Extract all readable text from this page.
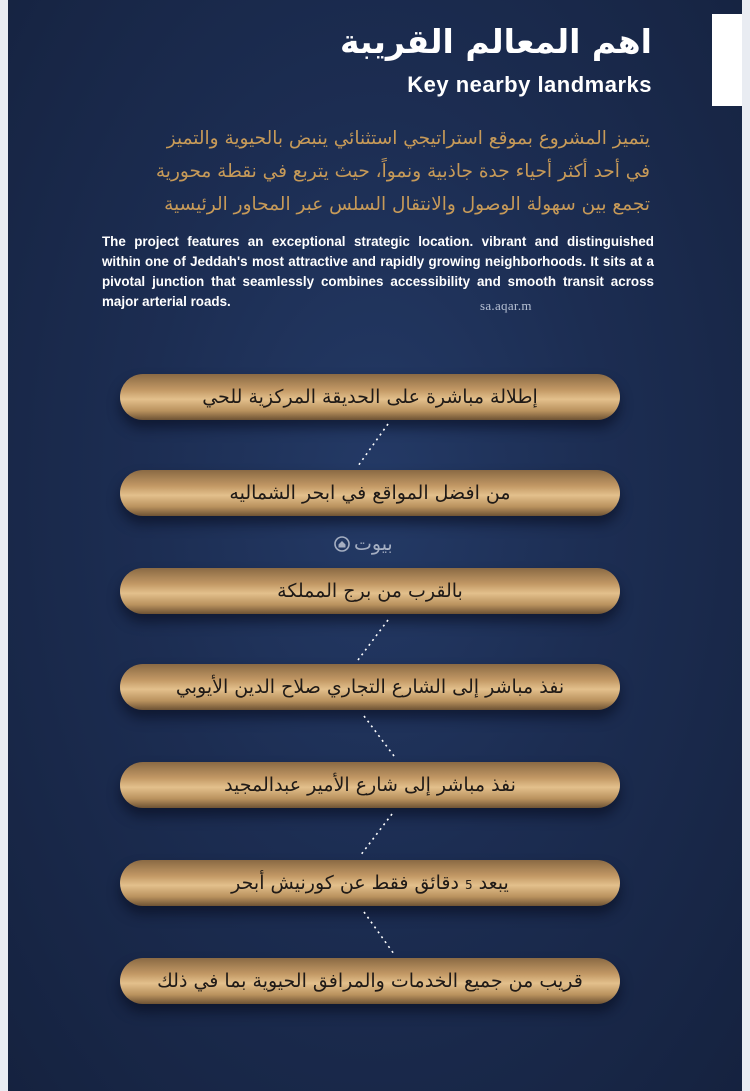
اهم المعالم القريبة
Key nearby landmarks
يتميز المشروع بموقع استراتيجي استثنائي ينبض بالحيوية والتميز
في أحد أكثر أحياء جدة جاذبية ونمواً، حيث يتربع في نقطة محورية
تجمع بين سهولة الوصول والانتقال السلس عبر المحاور الرئيسية
The project features an exceptional strategic location. vibrant and distinguished within one of Jeddah's most attractive and rapidly growing neighborhoods. It sits at a pivotal junction that seamlessly combines accessibility and smooth transit across major arterial roads.	sa.aqar.m
بيوت
إطلالة مباشرة على الحديقة المركزية للحي
من افضل المواقع في ابحر الشماليه
بالقرب من برج المملكة
نفذ مباشر إلى الشارع التجاري صلاح الدين الأيوبي
نفذ مباشر إلى شارع الأمير عبدالمجيد
يبعد 5 دقائق فقط عن كورنيش أبحر
قريب من جميع الخدمات والمرافق الحيوية بما في ذلك
